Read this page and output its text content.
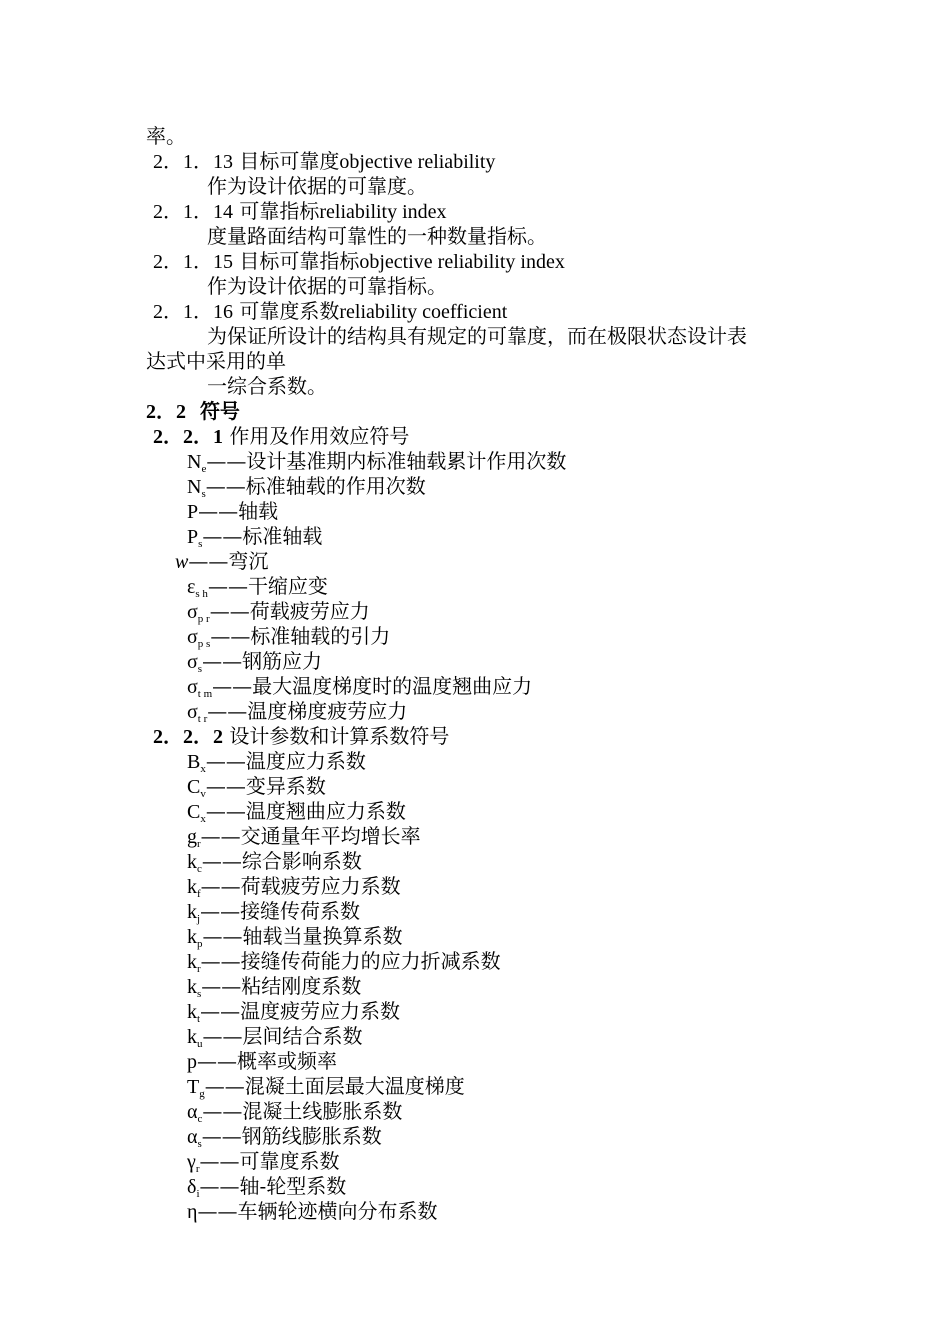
率。
2．1．13 目标可靠度objective reliability
作为设计依据的可靠度。
2．1．14 可靠指标reliability index
度量路面结构可靠性的一种数量指标。
2．1．15 目标可靠指标objective reliability index
作为设计依据的可靠指标。
2．1．16 可靠度系数reliability coefficient
为保证所设计的结构具有规定的可靠度，而在极限状态设计表
达式中采用的单
一综合系数。
2．2 符号
2．2．1 作用及作用效应符号
$N_e——$设计基准期内标准轴载累计作用次数
$N_s——$标准轴载的作用次数
P——轴载
$P_s——$标准轴载
w——弯沉
$\varepsilon_{s h}——$干缩应变
$\sigma_{p r}——$荷载疲劳应力
$\sigma_{p s}——$标准轴载的引力
$\sigma_s——$钢筋应力
$\sigma_{t m}——$最大温度梯度时的温度翘曲应力
$\sigma_{t r}——$温度梯度疲劳应力
2．2．2 设计参数和计算系数符号
$B_x——$温度应力系数
$C_v——$变异系数
$C_x——$温度翘曲应力系数
$g_r——$交通量年平均增长率
$k_c——$综合影响系数
$k_f——$荷载疲劳应力系数
$k_j——$接缝传荷系数
$k_p——$轴载当量换算系数
$k_r——$接缝传荷能力的应力折减系数
$k_s——$粘结刚度系数
$k_t——$温度疲劳应力系数
$k_u——$层间结合系数
p——概率或频率
$T_g——$混凝土面层最大温度梯度
$\alpha_c——$混凝土线膨胀系数
$\alpha_s——$钢筋线膨胀系数
$\gamma_r——$可靠度系数
$\delta_i——$轴-轮型系数
η——车辆轮迹横向分布系数
